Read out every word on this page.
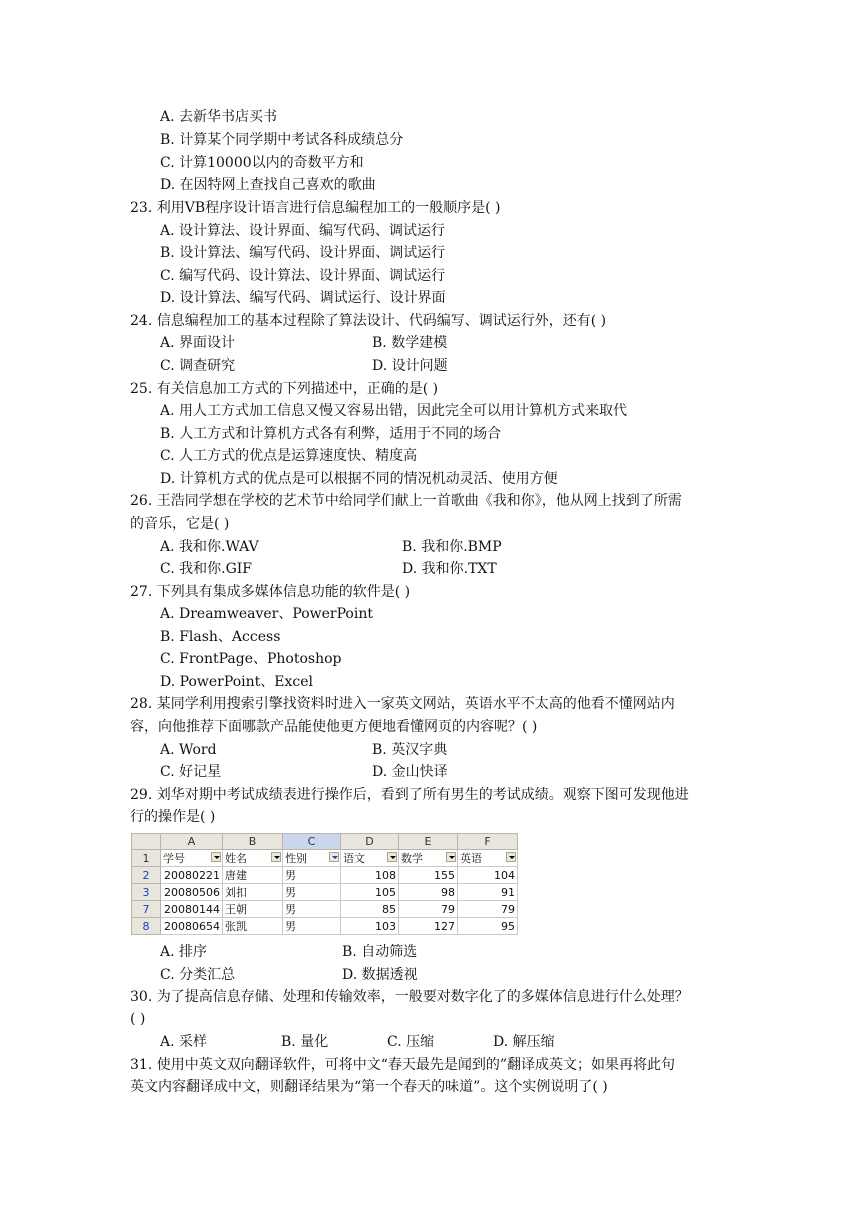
A. 去新华书店买书
B. 计算某个同学期中考试各科成绩总分
C. 计算10000以内的奇数平方和
D. 在因特网上查找自己喜欢的歌曲
23. 利用VB程序设计语言进行信息编程加工的一般顺序是( )
A. 设计算法、设计界面、编写代码、调试运行
B. 设计算法、编写代码、设计界面、调试运行
C. 编写代码、设计算法、设计界面、调试运行
D. 设计算法、编写代码、调试运行、设计界面
24. 信息编程加工的基本过程除了算法设计、代码编写、调试运行外，还有( )
A. 界面设计	B. 数学建模
C. 调查研究	D. 设计问题
25. 有关信息加工方式的下列描述中，正确的是( )
A. 用人工方式加工信息又慢又容易出错，因此完全可以用计算机方式来取代
B. 人工方式和计算机方式各有利弊，适用于不同的场合
C. 人工方式的优点是运算速度快、精度高
D. 计算机方式的优点是可以根据不同的情况机动灵活、使用方便
26. 王浩同学想在学校的艺术节中给同学们献上一首歌曲《我和你》，他从网上找到了所需
的音乐，它是( )
A. 我和你.WAV	B. 我和你.BMP
C. 我和你.GIF	D. 我和你.TXT
27. 下列具有集成多媒体信息功能的软件是( )
A. Dreamweaver、PowerPoint
B. Flash、Access
C. FrontPage、Photoshop
D. PowerPoint、Excel
28. 某同学利用搜索引擎找资料时进入一家英文网站，英语水平不太高的他看不懂网站内
容，向他推荐下面哪款产品能使他更方便地看懂网页的内容呢？( )
A. Word	B. 英汉字典
C. 好记星	D. 金山快译
29. 刘华对期中考试成绩表进行操作后，看到了所有男生的考试成绩。观察下图可发现他进
行的操作是( )
	A	B	C	D	E	F
1	学号	姓名	性别	语文	数学	英语

2	20080221	唐建	男	108	155	104
3	20080506	刘扣	男	105	98	91
7	20080144	王朝	男	85	79	79
8	20080654	张凯	男	103	127	95
A. 排序	B. 自动筛选
C. 分类汇总	D. 数据透视
30. 为了提高信息存储、处理和传输效率，一般要对数字化了的多媒体信息进行什么处理？
( )
A. 采样	B. 量化	C. 压缩	D. 解压缩
31. 使用中英文双向翻译软件，可将中文“春天最先是闻到的”翻译成英文；如果再将此句
英文内容翻译成中文，则翻译结果为“第一个春天的味道”。这个实例说明了( )
